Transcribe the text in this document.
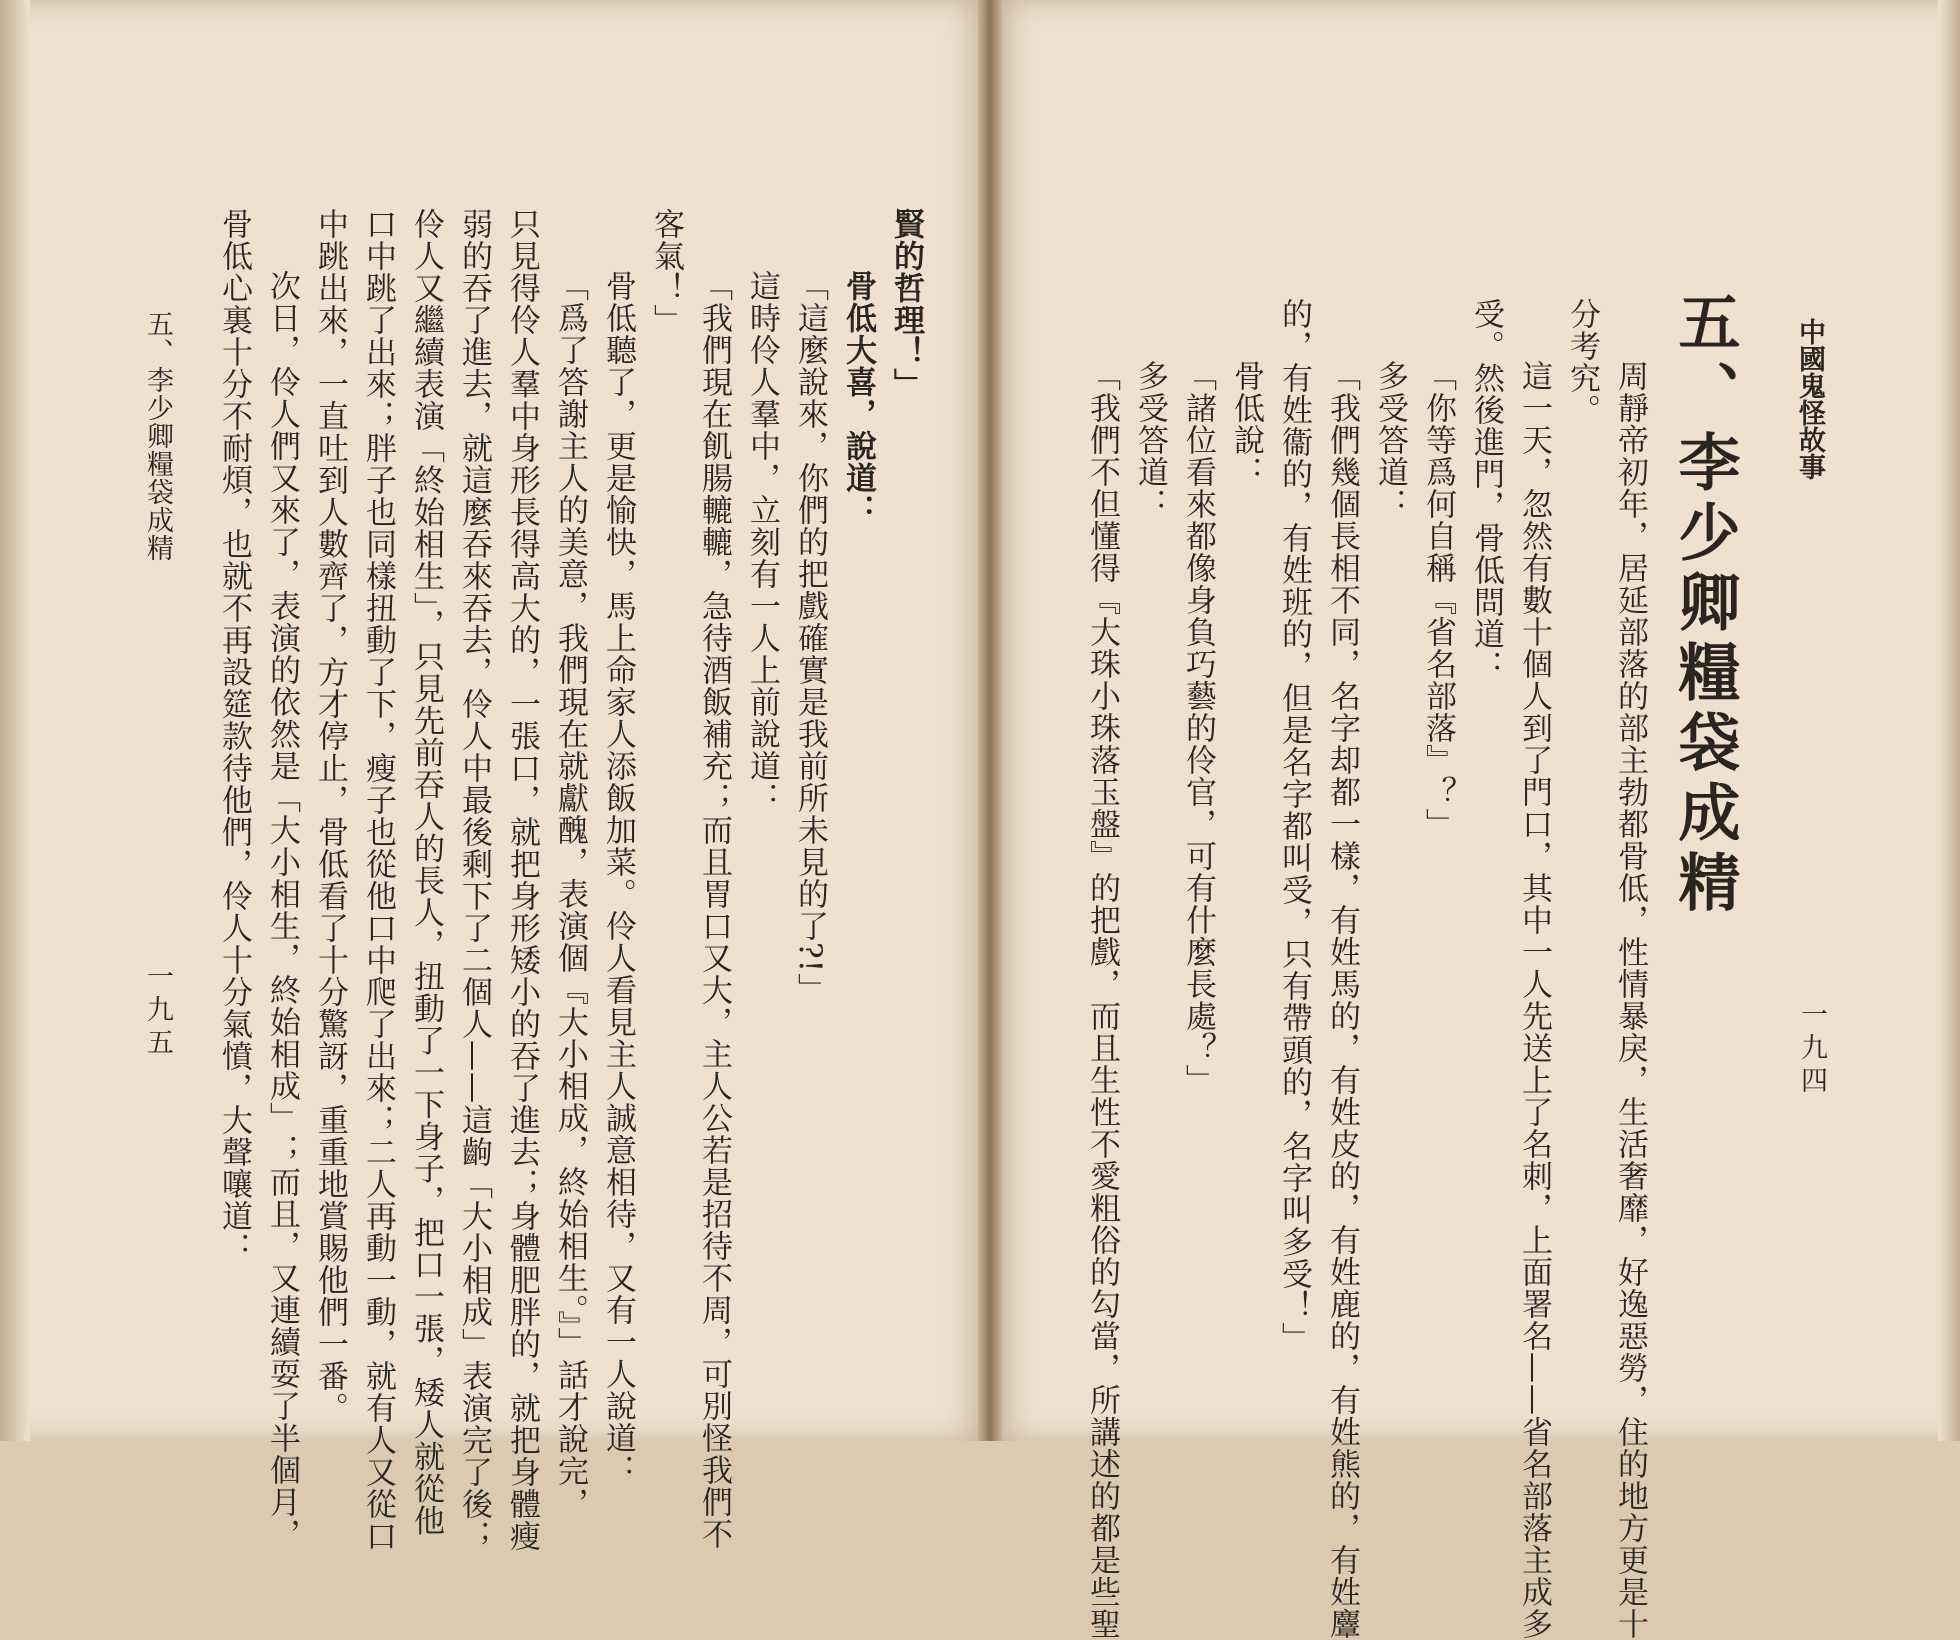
中國鬼怪故事
一九四
五、李少卿糧袋成精
周靜帝初年，居延部落的部主勃都骨低，性情暴戾，生活奢靡，好逸惡勞，住的地方更是十
分考究。
這一天，忽然有數十個人到了門口，其中一人先送上了名刺，上面署名——省名部落主成多
受。然後進門，骨低問道：
「你等爲何自稱『省名部落』？」
多受答道：
「我們幾個長相不同，名字却都一樣，有姓馬的，有姓皮的，有姓鹿的，有姓熊的，有姓麞
的，有姓衞的，有姓班的，但是名字都叫受，只有帶頭的，名字叫多受！」
骨低說：
「諸位看來都像身負巧藝的伶官，可有什麼長處？」
多受答道：
「我們不但懂得『大珠小珠落玉盤』的把戲，而且生性不愛粗俗的勾當，所講述的都是些聖
賢的哲理！」
骨低大喜，說道：
「這麼說來，你們的把戲確實是我前所未見的了?!」
這時伶人羣中，立刻有一人上前說道：
「我們現在飢腸轆轆，急待酒飯補充；而且胃口又大，主人公若是招待不周，可別怪我們不
客氣！」
骨低聽了，更是愉快，馬上命家人添飯加菜。伶人看見主人誠意相待，又有一人說道：
「爲了答謝主人的美意，我們現在就獻醜，表演個『大小相成，終始相生。』」話才說完，
只見得伶人羣中身形長得高大的，一張口，就把身形矮小的吞了進去；身體肥胖的，就把身體瘦
弱的吞了進去，就這麼吞來吞去，伶人中最後剩下了二個人——這齣「大小相成」表演完了後；
伶人又繼續表演「終始相生」，只見先前吞人的長人，扭動了一下身子，把口一張，矮人就從他
口中跳了出來；胖子也同樣扭動了下，瘦子也從他口中爬了出來；二人再動一動，就有人又從口
中跳出來，一直吐到人數齊了，方才停止，骨低看了十分驚訝，重重地賞賜他們一番。
次日，伶人們又來了，表演的依然是「大小相生，終始相成」；而且，又連續耍了半個月，
骨低心裏十分不耐煩，也就不再設筵款待他們，伶人十分氣憤，大聲嚷道：
五、李少卿糧袋成精
一九五
